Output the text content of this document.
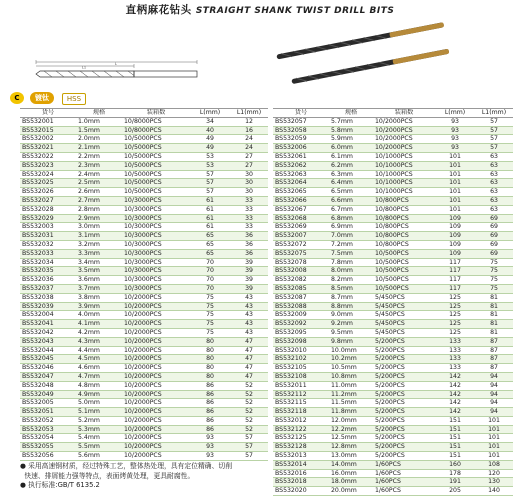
直柄麻花钻头 STRAIGHT SHANK TWIST DRILL BITS
L
L1
C	镀钛	HSS
货号	规格	装箱数	L(mm)	L1(mm)
BS532001	1.0mm	10/8000PCS	34	12
BS532015	1.5mm	10/8000PCS	40	16
BS532002	2.0mm	10/5000PCS	49	24
BS532021	2.1mm	10/5000PCS	49	24
BS532022	2.2mm	10/5000PCS	53	27
BS532023	2.3mm	10/5000PCS	53	27
BS532024	2.4mm	10/5000PCS	57	30
BS532025	2.5mm	10/5000PCS	57	30
BS532026	2.6mm	10/5000PCS	57	30
BS532027	2.7mm	10/3000PCS	61	33
BS532028	2.8mm	10/3000PCS	61	33
BS532029	2.9mm	10/3000PCS	61	33
BS532003	3.0mm	10/3000PCS	61	33
BS532031	3.1mm	10/3000PCS	65	36
BS532032	3.2mm	10/3000PCS	65	36
BS532033	3.3mm	10/3000PCS	65	36
BS532034	3.4mm	10/3000PCS	70	39
BS532035	3.5mm	10/3000PCS	70	39
BS532036	3.6mm	10/3000PCS	70	39
BS532037	3.7mm	10/3000PCS	70	39
BS532038	3.8mm	10/2000PCS	75	43
BS532039	3.9mm	10/2000PCS	75	43
BS532004	4.0mm	10/2000PCS	75	43
BS532041	4.1mm	10/2000PCS	75	43
BS532042	4.2mm	10/2000PCS	75	43
BS532043	4.3mm	10/2000PCS	80	47
BS532044	4.4mm	10/2000PCS	80	47
BS532045	4.5mm	10/2000PCS	80	47
BS532046	4.6mm	10/2000PCS	80	47
BS532047	4.7mm	10/2000PCS	80	47
BS532048	4.8mm	10/2000PCS	86	52
BS532049	4.9mm	10/2000PCS	86	52
BS532005	5.0mm	10/2000PCS	86	52
BS532051	5.1mm	10/2000PCS	86	52
BS532052	5.2mm	10/2000PCS	86	52
BS532053	5.3mm	10/2000PCS	86	52
BS532054	5.4mm	10/2000PCS	93	57
BS532055	5.5mm	10/2000PCS	93	57
BS532056	5.6mm	10/2000PCS	93	57
货号	规格	装箱数	L(mm)	L1(mm)
BS532057	5.7mm	10/2000PCS	93	57
BS532058	5.8mm	10/2000PCS	93	57
BS532059	5.9mm	10/2000PCS	93	57
BS532006	6.0mm	10/2000PCS	93	57
BS532061	6.1mm	10/1000PCS	101	63
BS532062	6.2mm	10/1000PCS	101	63
BS532063	6.3mm	10/1000PCS	101	63
BS532064	6.4mm	10/1000PCS	101	63
BS532065	6.5mm	10/1000PCS	101	63
BS532066	6.6mm	10/800PCS	101	63
BS532067	6.7mm	10/800PCS	101	63
BS532068	6.8mm	10/800PCS	109	69
BS532069	6.9mm	10/800PCS	109	69
BS532007	7.0mm	10/800PCS	109	69
BS532072	7.2mm	10/800PCS	109	69
BS532075	7.5mm	10/500PCS	109	69
BS532078	7.8mm	10/500PCS	117	75
BS532008	8.0mm	10/500PCS	117	75
BS532082	8.2mm	10/500PCS	117	75
BS532085	8.5mm	10/500PCS	117	75
BS532087	8.7mm	5/450PCS	125	81
BS532088	8.8mm	5/450PCS	125	81
BS532009	9.0mm	5/450PCS	125	81
BS532092	9.2mm	5/450PCS	125	81
BS532095	9.5mm	5/450PCS	125	81
BS532098	9.8mm	5/200PCS	133	87
BS532010	10.0mm	5/200PCS	133	87
BS532102	10.2mm	5/200PCS	133	87
BS532105	10.5mm	5/200PCS	133	87
BS532108	10.8mm	5/200PCS	142	94
BS532011	11.0mm	5/200PCS	142	94
BS532112	11.2mm	5/200PCS	142	94
BS532115	11.5mm	5/200PCS	142	94
BS532118	11.8mm	5/200PCS	142	94
BS532012	12.0mm	5/200PCS	151	101
BS532122	12.2mm	5/200PCS	151	101
BS532125	12.5mm	5/200PCS	151	101
BS532128	12.8mm	5/200PCS	151	101
BS532013	13.0mm	5/200PCS	151	101
BS532014	14.0mm	1/60PCS	160	108
BS532016	16.0mm	1/60PCS	178	120
BS532018	18.0mm	1/60PCS	191	130
BS532020	20.0mm	1/60PCS	205	140
● 采用高速钢材质，经过特殊工艺，整体热处理，具有定位精确、切削
快速、排屑能力强等特点，表面烤黄处理，更具耐腐性。
● 执行标准:GB/T 6135.2
